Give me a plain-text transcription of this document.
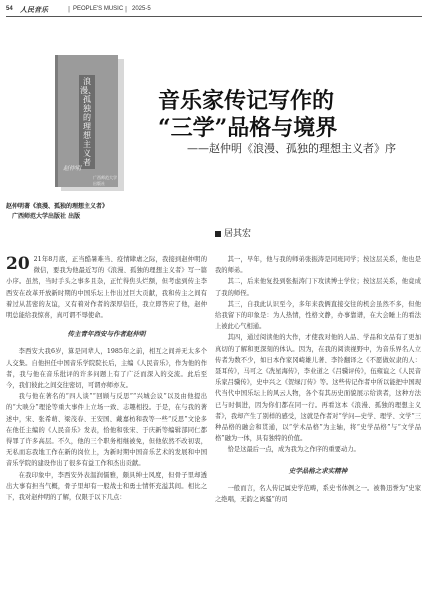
54 人民音乐	| PEOPLE'S MUSIC | 2025-5
浪漫、孤独的理想主义者
赵仲明
广西师范大学出版社
音乐家传记写作的
“三学”品格与境界
——赵仲明《浪漫、孤独的理想主义者》序
赵仲明著《浪漫、孤独的理想主义者》
广西师范大学出版社 出版
居其宏

20 21年8月底，正当酷暑难当、疫情肆虐之际，我接到赵仲明的微信，要我为他最近写的《浪漫、孤独的理想主义者》写一篇小序。虽然，当时手头之事多且杂，正忙得焦头烂额，但考虑到传主李西安在改革开放新时期的中国乐坛上作出过巨大贡献，我和传主之间有着过从甚密的友谊，又有着对作者的深厚信任，我立即答应了他，赵仲明总能给我惊喜，真可谓不辱使命。

传主青年西安与作者赵仲明

李西安大我6岁，算是同辈人，1985年之前，相互之间并无太多个人交集。自他担任中国音乐学院院长后，主编《人民音乐》，作为他的作者，我与他在音乐批评的许多问题上有了广泛而深入的交流。此后至今，我们彼此之间交往密切，可谓亦师亦友。

我与他在著名的“四人谈”“回顾与反思”“兴城会议”以及由他提出的“大映分”理论等重大事件上立场一致、志趣相投。于是，在与我的著述中，宋、张希萌、梁茂春、王安国、戴嘉枋和我等一些“反思”文论多在他任主编的《人民音乐》发表，恰他和张宋、于庆新等编辑部同仁都得罪了许多高层。不久，他的三个职务相继被免，但他依然不改初衷，无私而忘我地工作在新的岗位上，为新时期中国音乐艺术的发展和中国音乐学院的建设作出了很多有益工作和杰出贡献。

在我印象中，李西安外表温润儒雅，颇具绅士风度，但骨子里却透出大事有担当气概，骨子里却有一般战士和勇士情怀充溢其间。相比之下，我对赵仲明的了解，仅限于以下几点：

其一，早年，他与我的师弟张振涛是同班同学；按这层关系，他也是我的师弟。

其二，后来他复投到张振涛门下攻读博士学位；按这层关系，他竟成了我的师侄。

其三，自我此认识至今，多年来我俩直接交往的机会虽然不多，但他给我留下的印象是：为人热情，性格文静，办事靠谱，在大会睡上的看法上被此心气相通。

其四，通过阅读他的大作，才使我对他的人品、学品和文品有了更加真切的了解和更深刻的体认。因为，在我的阅读视野中，为音乐界名人立传者为数不少，如日本作家冈崎雄儿著、李铃翻译之《不愿做奴隶的人：聂耳传》，马可之《冼星海传》，李业道之《吕骥评传》，伍雍谊之《人民音乐家吕骥传》，史中兴之《贺绿汀传》等。这些传记作者中所以能把中国现代当代中国乐坛上的风云人物，各个有其历史面貌展示给读者，这种方法已与时俱进，因为你们都在同一行。再看这本《浪漫、孤独的理想主义者》，我却产生了别样的感受，这就是作者对“学问—史学、理学、文学”三种品格的融会和贯通，以“学术品格”为主轴，将“史学品格”与“文学品格”融为一体，具有独特的价值。

恰是这最后一点，成为我为之作序的重要动力。

史学品格之求实精神

一般而言，名人传记属史学范畴，系史书体例之一。被鲁迅誉为“史家之绝唱，无韵之离骚”的司
